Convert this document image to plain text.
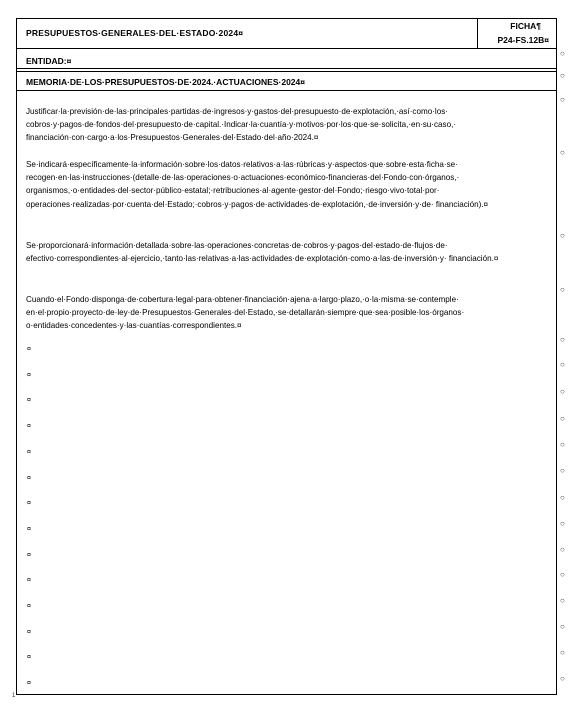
PRESUPUESTOS·GENERALES·DEL·ESTADO·2024¤
FICHA¶
P24-FS.12B¤
ENTIDAD:¤
MEMORIA·DE·LOS·PRESUPUESTOS·DE·2024.·ACTUACIONES·2024¤
Justificar·la·previsión·de·las·principales·partidas·de·ingresos·y·gastos·del·presupuesto·de·explotación,·así·como·los· cobros·y·pagos·de·fondos·del·presupuesto·de·capital.·Indicar·la·cuantía·y·motivos·por·los·que·se·solicita,·en·su·caso,· financiación·con·cargo·a·los·Presupuestos·Generales·del·Estado·del·año·2024.¤
Se·indicará·específicamente·la·información·sobre·los·datos·relativos·a·las·rúbricas·y·aspectos·que·sobre·esta·ficha·se· recogen·en·las·instrucciones·(detalle·de·las·operaciones·o·actuaciones·económico-financieras·del·Fondo·con·órganos,· organismos,·o·entidades·del·sector·público·estatal;·retribuciones·al·agente·gestor·del·Fondo;·riesgo·vivo·total·por· operaciones·realizadas·por·cuenta·del·Estado;·cobros·y·pagos·de·actividades·de·explotación,·de·inversión·y·de· financiación).¤
Se·proporcionará·información·detallada·sobre·las·operaciones·concretas·de·cobros·y·pagos·del·estado·de·flujos·de· efectivo·correspondientes·al·ejercicio,·tanto·las·relativas·a·las·actividades·de·explotación·como·a·las·de·inversión·y· financiación.¤
Cuando·el·Fondo·disponga·de·cobertura·legal·para·obtener·financiación·ajena·a·largo·plazo,·o·la·misma·se·contemple· en·el·propio·proyecto·de·ley·de·Presupuestos·Generales·del·Estado,·se·detallarán·siempre·que·sea·posible·los·órganos· o·entidades·concedentes·y·las·cuantías·correspondientes.¤
¤
¤
¤
¤
¤
¤
¤
¤
¤
¤
¤
¤
¤
¤
○
○
○
○
○
○
○
○
○
○
○
○
○
○
○
○
○
○
○
○
1
